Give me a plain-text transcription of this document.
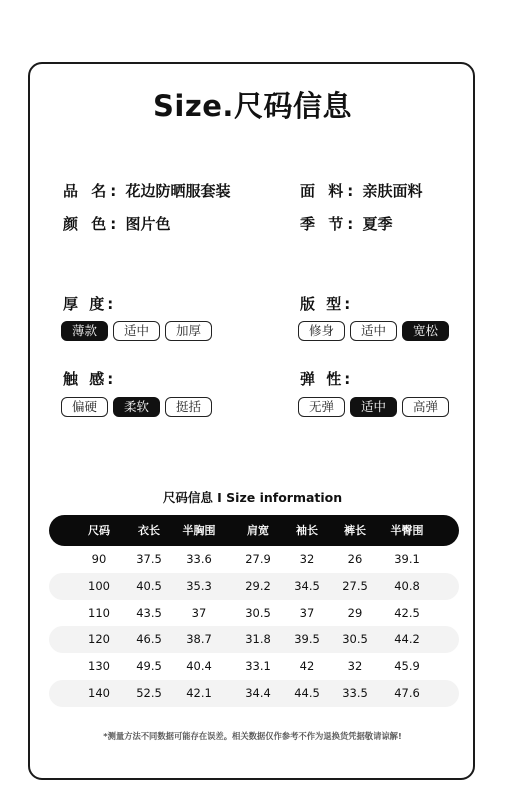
Size.尺码信息
品 名: 花边防晒服套装	面 料: 亲肤面料
颜 色: 图片色	季 节: 夏季
厚 度:
薄款	适中	加厚
版 型:
修身	适中	宽松
触 感:
偏硬	柔软	挺括
弹 性:
无弹	适中	高弹
尺码信息 I Size information
尺码	衣长	半胸围	肩宽	袖长	裤长	半臀围
90	37.5	33.6	27.9	32	26	39.1
100	40.5	35.3	29.2	34.5	27.5	40.8
110	43.5	37	30.5	37	29	42.5
120	46.5	38.7	31.8	39.5	30.5	44.2
130	49.5	40.4	33.1	42	32	45.9
140	52.5	42.1	34.4	44.5	33.5	47.6
*测量方法不同数据可能存在误差。相关数据仅作参考不作为退换货凭据敬请谅解!
